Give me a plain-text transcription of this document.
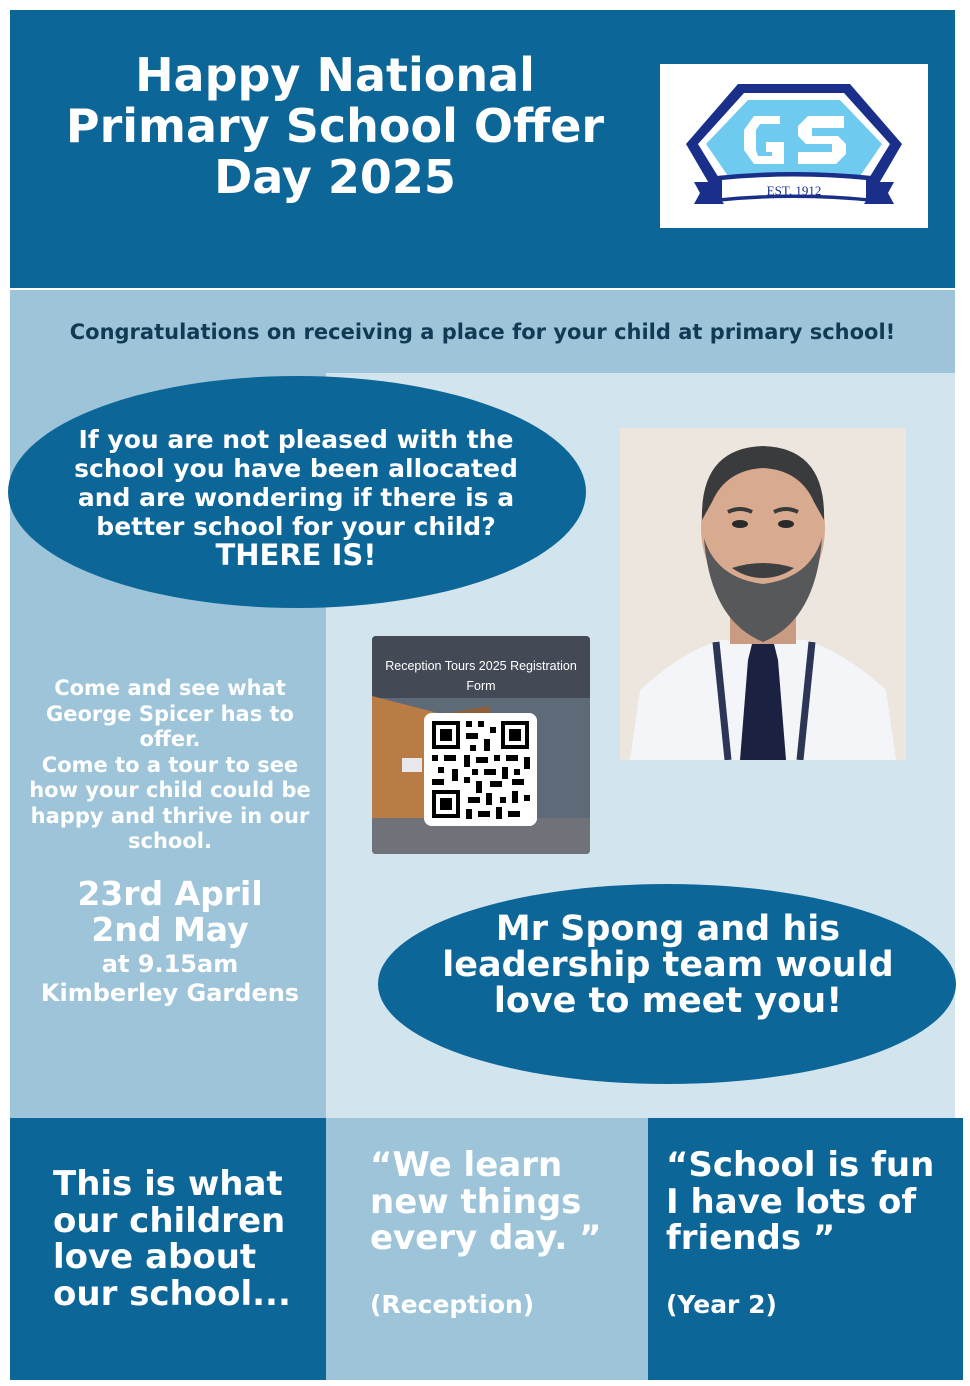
Happy National
Primary School Offer
Day 2025	EST. 1912
Congratulations on receiving a place for your child at primary school!
If you are not pleased with the school you have been allocated and are wondering if there is a better school for your child? THERE IS!
Reception Tours 2025 Registration Form
Come and see what
George Spicer has to
offer.
Come to a tour to see
how your child could be
happy and thrive in our
school.
23rd April
2nd May
at 9.15am
Kimberley Gardens
Mr Spong and his
leadership team would
love to meet you!
This is what
our children
love about
our school...
“We learn
new things
every day. ”
(Reception)
“School is fun
I have lots of
friends ”
(Year 2)
